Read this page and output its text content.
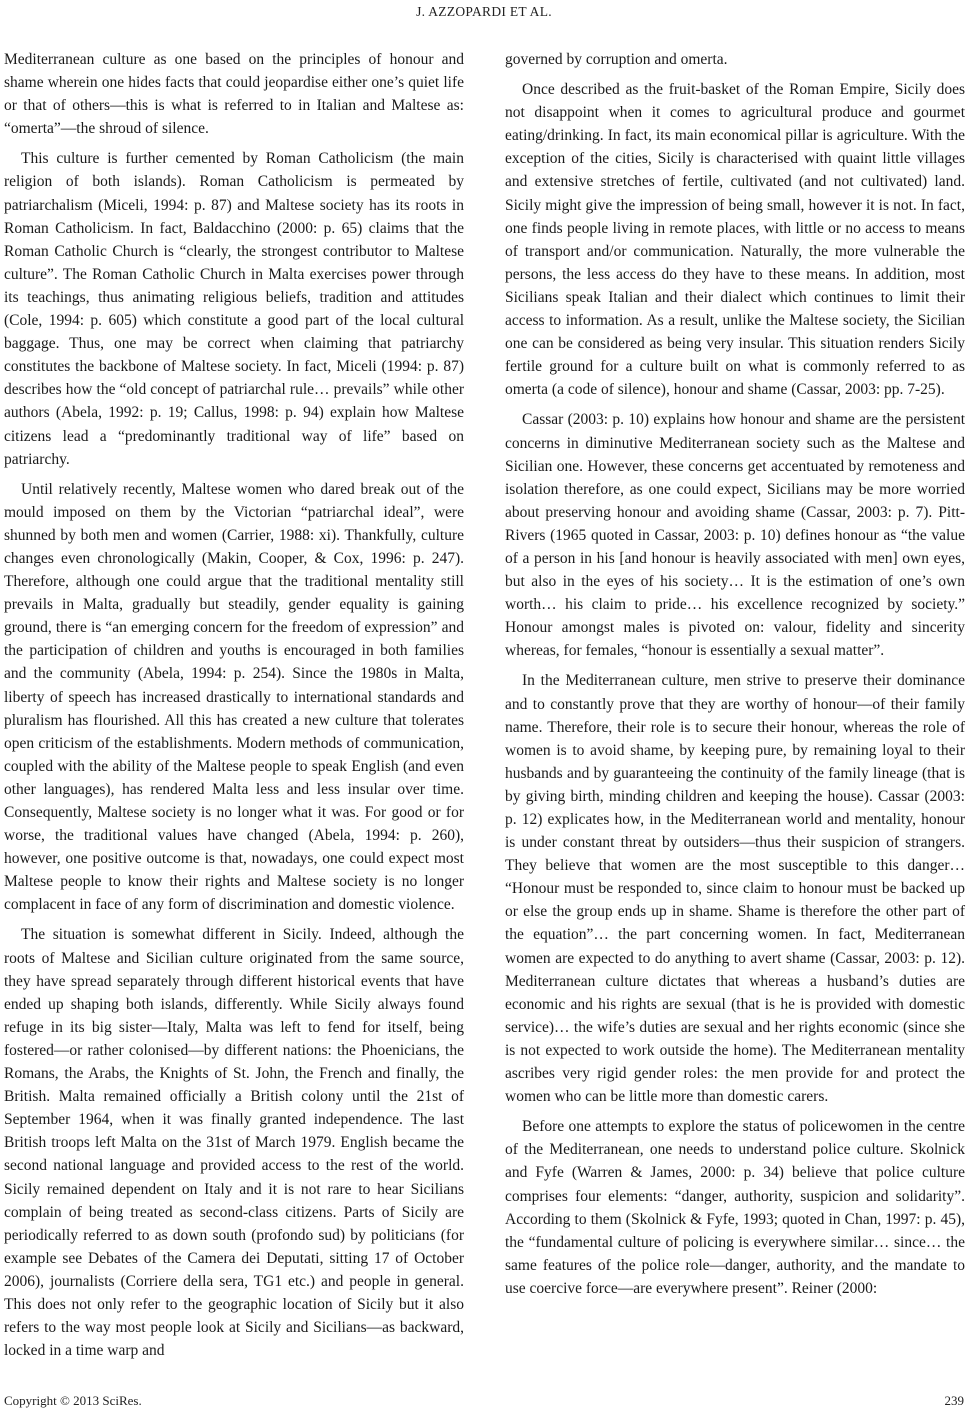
J. AZZOPARDI ET AL.

Mediterranean culture as one based on the principles of honour and shame wherein one hides facts that could jeopardise either one’s quiet life or that of others—this is what is referred to in Italian and Maltese as: “omerta”—the shroud of silence.

This culture is further cemented by Roman Catholicism (the main religion of both islands). Roman Catholicism is permeated by patriarchalism (Miceli, 1994: p. 87) and Maltese society has its roots in Roman Catholicism. In fact, Baldacchino (2000: p. 65) claims that the Roman Catholic Church is “clearly, the strongest contributor to Maltese culture”. The Roman Catholic Church in Malta exercises power through its teachings, thus animating religious beliefs, tradition and attitudes (Cole, 1994: p. 605) which constitute a good part of the local cultural baggage. Thus, one may be correct when claiming that patriarchy constitutes the backbone of Maltese society. In fact, Miceli (1994: p. 87) describes how the “old concept of patriarchal rule… prevails” while other authors (Abela, 1992: p. 19; Callus, 1998: p. 94) explain how Maltese citizens lead a “predominantly traditional way of life” based on patriarchy.

Until relatively recently, Maltese women who dared break out of the mould imposed on them by the Victorian “patriarchal ideal”, were shunned by both men and women (Carrier, 1988: xi). Thankfully, culture changes even chronologically (Makin, Cooper, & Cox, 1996: p. 247). Therefore, although one could argue that the traditional mentality still prevails in Malta, gradually but steadily, gender equality is gaining ground, there is “an emerging concern for the freedom of expression” and the participation of children and youths is encouraged in both families and the community (Abela, 1994: p. 254). Since the 1980s in Malta, liberty of speech has increased drastically to international standards and pluralism has flourished. All this has created a new culture that tolerates open criticism of the establishments. Modern methods of communication, coupled with the ability of the Maltese people to speak English (and even other languages), has rendered Malta less and less insular over time. Consequently, Maltese society is no longer what it was. For good or for worse, the traditional values have changed (Abela, 1994: p. 260), however, one positive outcome is that, nowadays, one could expect most Maltese people to know their rights and Maltese society is no longer complacent in face of any form of discrimination and domestic violence.

The situation is somewhat different in Sicily. Indeed, although the roots of Maltese and Sicilian culture originated from the same source, they have spread separately through different historical events that have ended up shaping both islands, differently. While Sicily always found refuge in its big sister—Italy, Malta was left to fend for itself, being fostered—or rather colonised—by different nations: the Phoenicians, the Romans, the Arabs, the Knights of St. John, the French and finally, the British. Malta remained officially a British colony until the 21st of September 1964, when it was finally granted independence. The last British troops left Malta on the 31st of March 1979. English became the second national language and provided access to the rest of the world. Sicily remained dependent on Italy and it is not rare to hear Sicilians complain of being treated as second-class citizens. Parts of Sicily are periodically referred to as down south (profondo sud) by politicians (for example see Debates of the Camera dei Deputati, sitting 17 of October 2006), journalists (Corriere della sera, TG1 etc.) and people in general. This does not only refer to the geographic location of Sicily but it also refers to the way most people look at Sicily and Sicilians—as backward, locked in a time warp and

governed by corruption and omerta.

Once described as the fruit-basket of the Roman Empire, Sicily does not disappoint when it comes to agricultural produce and gourmet eating/drinking. In fact, its main economical pillar is agriculture. With the exception of the cities, Sicily is characterised with quaint little villages and extensive stretches of fertile, cultivated (and not cultivated) land. Sicily might give the impression of being small, however it is not. In fact, one finds people living in remote places, with little or no access to means of transport and/or communication. Naturally, the more vulnerable the persons, the less access do they have to these means. In addition, most Sicilians speak Italian and their dialect which continues to limit their access to information. As a result, unlike the Maltese society, the Sicilian one can be considered as being very insular. This situation renders Sicily fertile ground for a culture built on what is commonly referred to as omerta (a code of silence), honour and shame (Cassar, 2003: pp. 7-25).

Cassar (2003: p. 10) explains how honour and shame are the persistent concerns in diminutive Mediterranean society such as the Maltese and Sicilian one. However, these concerns get accentuated by remoteness and isolation therefore, as one could expect, Sicilians may be more worried about preserving honour and avoiding shame (Cassar, 2003: p. 7). Pitt-Rivers (1965 quoted in Cassar, 2003: p. 10) defines honour as “the value of a person in his [and honour is heavily associated with men] own eyes, but also in the eyes of his society… It is the estimation of one’s own worth… his claim to pride… his excellence recognized by society.” Honour amongst males is pivoted on: valour, fidelity and sincerity whereas, for females, “honour is essentially a sexual matter”.

In the Mediterranean culture, men strive to preserve their dominance and to constantly prove that they are worthy of honour—of their family name. Therefore, their role is to secure their honour, whereas the role of women is to avoid shame, by keeping pure, by remaining loyal to their husbands and by guaranteeing the continuity of the family lineage (that is by giving birth, minding children and keeping the house). Cassar (2003: p. 12) explicates how, in the Mediterranean world and mentality, honour is under constant threat by outsiders—thus their suspicion of strangers. They believe that women are the most susceptible to this danger… “Honour must be responded to, since claim to honour must be backed up or else the group ends up in shame. Shame is therefore the other part of the equation”… the part concerning women. In fact, Mediterranean women are expected to do anything to avert shame (Cassar, 2003: p. 12). Mediterranean culture dictates that whereas a husband’s duties are economic and his rights are sexual (that is he is provided with domestic service)… the wife’s duties are sexual and her rights economic (since she is not expected to work outside the home). The Mediterranean mentality ascribes very rigid gender roles: the men provide for and protect the women who can be little more than domestic carers.

Before one attempts to explore the status of policewomen in the centre of the Mediterranean, one needs to understand police culture. Skolnick and Fyfe (Warren & James, 2000: p. 34) believe that police culture comprises four elements: “danger, authority, suspicion and solidarity”. According to them (Skolnick & Fyfe, 1993; quoted in Chan, 1997: p. 45), the “fundamental culture of policing is everywhere similar… since… the same features of the police role—danger, authority, and the mandate to use coercive force—are everywhere present”. Reiner (2000:

Copyright © 2013 SciRes.	239
